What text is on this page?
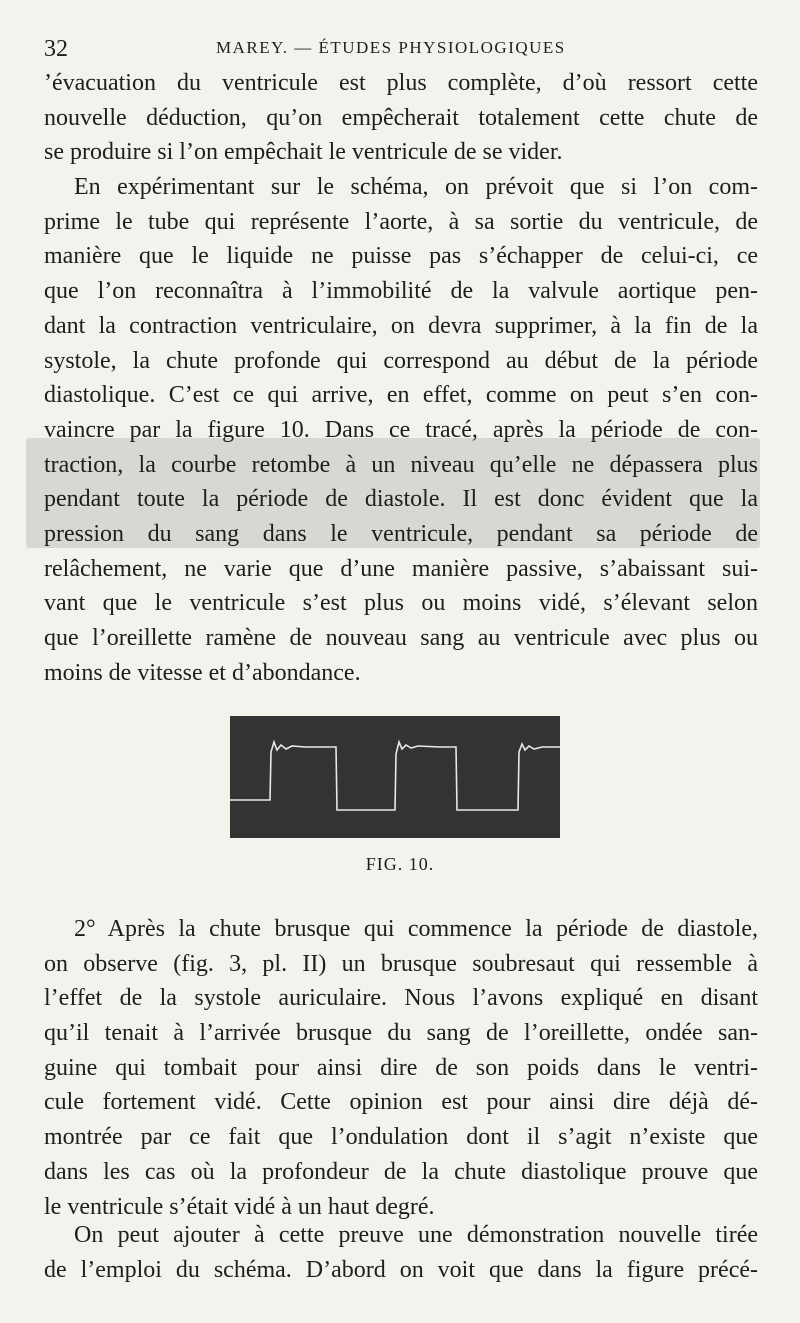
32	MAREY. — ÉTUDES PHYSIOLOGIQUES
’évacuation du ventricule est plus complète, d’où ressort cette
nouvelle déduction, qu’on empêcherait totalement cette chute de
se produire si l’on empêchait le ventricule de se vider.
En expérimentant sur le schéma, on prévoit que si l’on com-
prime le tube qui représente l’aorte, à sa sortie du ventricule, de
manière que le liquide ne puisse pas s’échapper de celui-ci, ce
que l’on reconnaîtra à l’immobilité de la valvule aortique pen-
dant la contraction ventriculaire, on devra supprimer, à la fin de la
systole, la chute profonde qui correspond au début de la période
diastolique. C’est ce qui arrive, en effet, comme on peut s’en con-
vaincre par la figure 10. Dans ce tracé, après la période de con-
traction, la courbe retombe à un niveau qu’elle ne dépassera plus
pendant toute la période de diastole. Il est donc évident que la
pression du sang dans le ventricule, pendant sa période de
relâchement, ne varie que d’une manière passive, s’abaissant sui-
vant que le ventricule s’est plus ou moins vidé, s’élevant selon
que l’oreillette ramène de nouveau sang au ventricule avec plus ou
moins de vitesse et d’abondance.
FIG. 10.
2° Après la chute brusque qui commence la période de diastole,
on observe (fig. 3, pl. II) un brusque soubresaut qui ressemble à
l’effet de la systole auriculaire. Nous l’avons expliqué en disant
qu’il tenait à l’arrivée brusque du sang de l’oreillette, ondée san-
guine qui tombait pour ainsi dire de son poids dans le ventri-
cule fortement vidé. Cette opinion est pour ainsi dire déjà dé-
montrée par ce fait que l’ondulation dont il s’agit n’existe que
dans les cas où la profondeur de la chute diastolique prouve que
le ventricule s’était vidé à un haut degré.
On peut ajouter à cette preuve une démonstration nouvelle tirée
de l’emploi du schéma. D’abord on voit que dans la figure précé-
